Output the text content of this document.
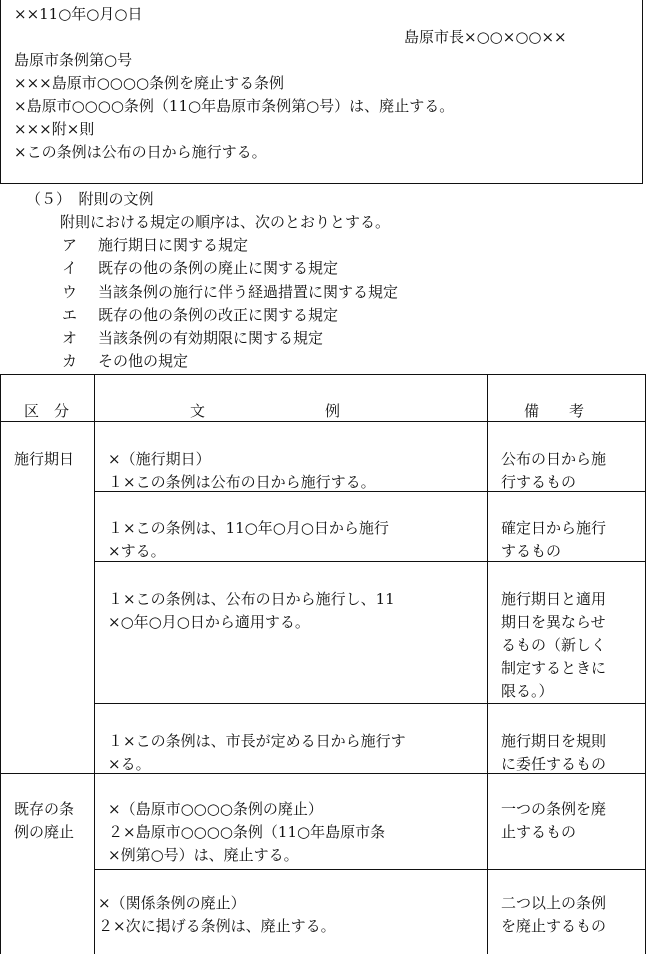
××11○年○月○日
島原市長×○○×○○××
島原市条例第○号
×××島原市○○○○条例を廃止する条例
×島原市○○○○条例（11○年島原市条例第○号）は、廃止する。
×××附×則
×この条例は公布の日から施行する。
（５）　附則の文例
附則における規定の順序は、次のとおりとする。
ア 施行期日に関する規定
イ 既存の他の条例の廃止に関する規定
ウ 当該条例の施行に伴う経過措置に関する規定
エ 既存の他の条例の改正に関する規定
オ 当該条例の有効期限に関する規定
カ その他の規定
区　分	文　　　　　　　　例	備　　考
施行期日 ×（施行期日）
１×この条例は公布の日から施行する。
公布の日から施
行するもの
１×この条例は、11○年○月○日から施行
×する。
確定日から施行
するもの
１×この条例は、公布の日から施行し、11
×○年○月○日から適用する。
施行期日と適用
期日を異ならせ
るもの（新しく
制定するときに
限る。）
１×この条例は、市長が定める日から施行す
×る。
施行期日を規則
に委任するもの
既存の条
例の廃止
×（島原市○○○○条例の廃止）
２×島原市○○○○条例（11○年島原市条
×例第○号）は、廃止する。
一つの条例を廃
止するもの
×（関係条例の廃止）
２×次に掲げる条例は、廃止する。
二つ以上の条例
を廃止するもの
